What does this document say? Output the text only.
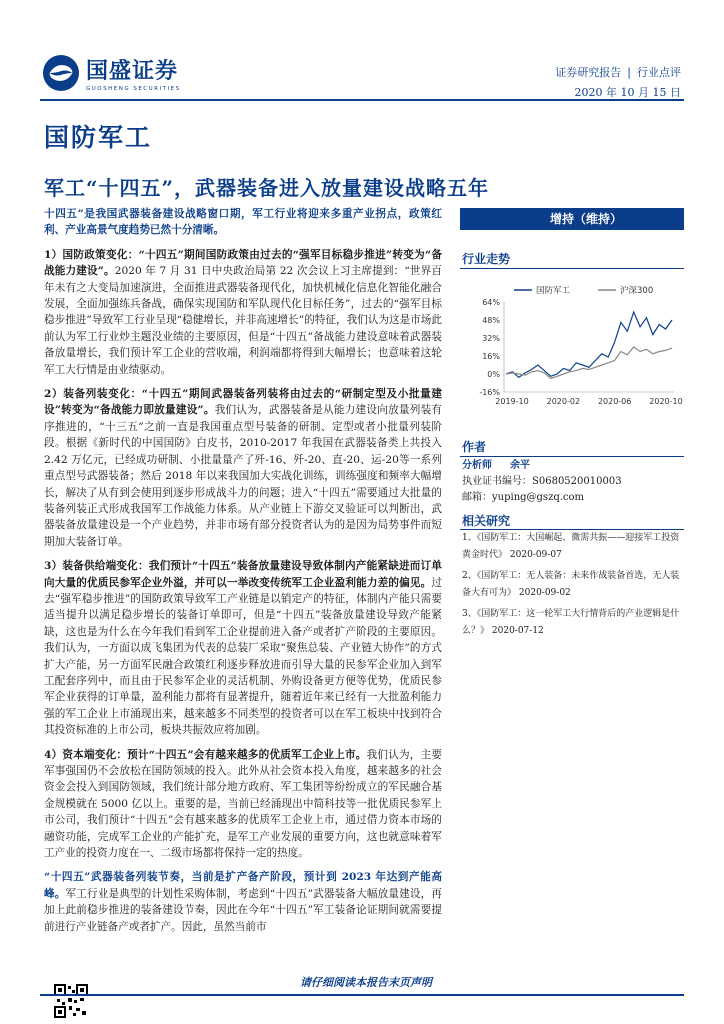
国盛证券
GUOSHENG SECURITIES
证券研究报告 | 行业点评
2020 年 10 月 15 日
国防军工
军工“十四五”，武器装备进入放量建设战略五年

十四五”是我国武器装备建设战略窗口期，军工行业将迎来多重产业拐点，政策红利、产业高景气度趋势已然十分清晰。

1）国防政策变化：“十四五”期间国防政策由过去的“强军目标稳步推进”转变为“备战能力建设”。2020 年 7 月 31 日中央政治局第 22 次会议上习主席提到：“世界百年未有之大变局加速演进，全面推进武器装备现代化，加快机械化信息化智能化融合发展，全面加强练兵备战，确保实现国防和军队现代化目标任务”，过去的“强军目标稳步推进”导致军工行业呈现“稳健增长，并非高速增长”的特征，我们认为这是市场此前认为军工行业炒主题没业绩的主要原因，但是“十四五”备战能力建设意味着武器装备放量增长，我们预计军工企业的营收端，利润端都将得到大幅增长；也意味着这轮军工大行情是由业绩驱动。

2）装备列装变化：“十四五”期间武器装备列装将由过去的“研制定型及小批量建设”转变为“备战能力即放量建设”。我们认为，武器装备是从能力建设向放量列装有序推进的，“十三五”之前一直是我国重点型号装备的研制、定型或者小批量列装阶段。根据《新时代的中国国防》白皮书，2010-2017 年我国在武器装备类上共投入 2.42 万亿元，已经成功研制、小批量量产了歼-16、歼-20、直-20、运-20等一系列重点型号武器装备；然后 2018 年以来我国加大实战化训练，训练强度和频率大幅增长，解决了从有到会使用到逐步形成战斗力的问题；进入“十四五”需要通过大批量的装备列装正式形成我国军工作战能力体系。从产业链上下游交叉验证可以判断出，武器装备放量建设是一个产业趋势，并非市场有部分投资者认为的是因为局势事件而短期加大装备订单。

3）装备供给端变化：我们预计“十四五”装备放量建设导致体制内产能紧缺进而订单向大量的优质民参军企业外溢，并可以一举改变传统军工企业盈利能力差的偏见。过去“强军稳步推进”的国防政策导致军工产业链是以销定产的特征，体制内产能只需要适当提升以满足稳步增长的装备订单即可，但是“十四五”装备放量建设导致产能紧缺，这也是为什么在今年我们看到军工企业提前进入备产或者扩产阶段的主要原因。我们认为，一方面以成飞集团为代表的总装厂采取“聚焦总装、产业链大协作”的方式扩大产能，另一方面军民融合政策红利逐步释放进而引导大量的民参军企业加入到军工配套序列中，而且由于民参军企业的灵活机制、外购设备更方便等优势，优质民参军企业获得的订单量，盈利能力都将有显著提升，随着近年来已经有一大批盈利能力强的军工企业上市涌现出来，越来越多不同类型的投资者可以在军工板块中找到符合其投资标准的上市公司，板块共振效应将加剧。

4）资本端变化：预计“十四五”会有越来越多的优质军工企业上市。我们认为，主要军事强国仍不会放松在国防领域的投入。此外从社会资本投入角度，越来越多的社会资金会投入到国防领域，我们统计部分地方政府、军工集团等纷纷成立的军民融合基金规模就在 5000 亿以上。重要的是，当前已经涌现出中简科技等一批优质民参军上市公司，我们预计“十四五”会有越来越多的优质军工企业上市，通过借力资本市场的融资功能，完成军工企业的产能扩充，是军工产业发展的重要方向，这也就意味着军工产业的投资力度在一、二级市场都将保持一定的热度。

“十四五”武器装备列装节奏，当前是扩产备产阶段，预计到 2023 年达到产能高峰。军工行业是典型的计划性采购体制，考虑到“十四五”武器装备大幅放量建设，再加上此前稳步推进的装备建设节奏，因此在今年“十四五”军工装备论证期间就需要提前进行产业链备产或者扩产。因此，虽然当前市

增持（维持）
行业走势
64%
48%
32%
16%
0%
-16%
2019-10 2020-02 2020-06 2020-10
国防军工	沪深300
作者
分析师 余平
执业证书编号：S0680520010003
邮箱：yuping@gszq.com
相关研究
1、《国防军工：大国崛起、微需共振——迎接军工投资黄金时代》 2020-09-07
2、《国防军工：无人装备：未来作战装备首选，无人装备大有可为》 2020-09-02
3、《国防军工：这一轮军工大行情背后的产业逻辑是什么？》 2020-07-12
请仔细阅读本报告末页声明
